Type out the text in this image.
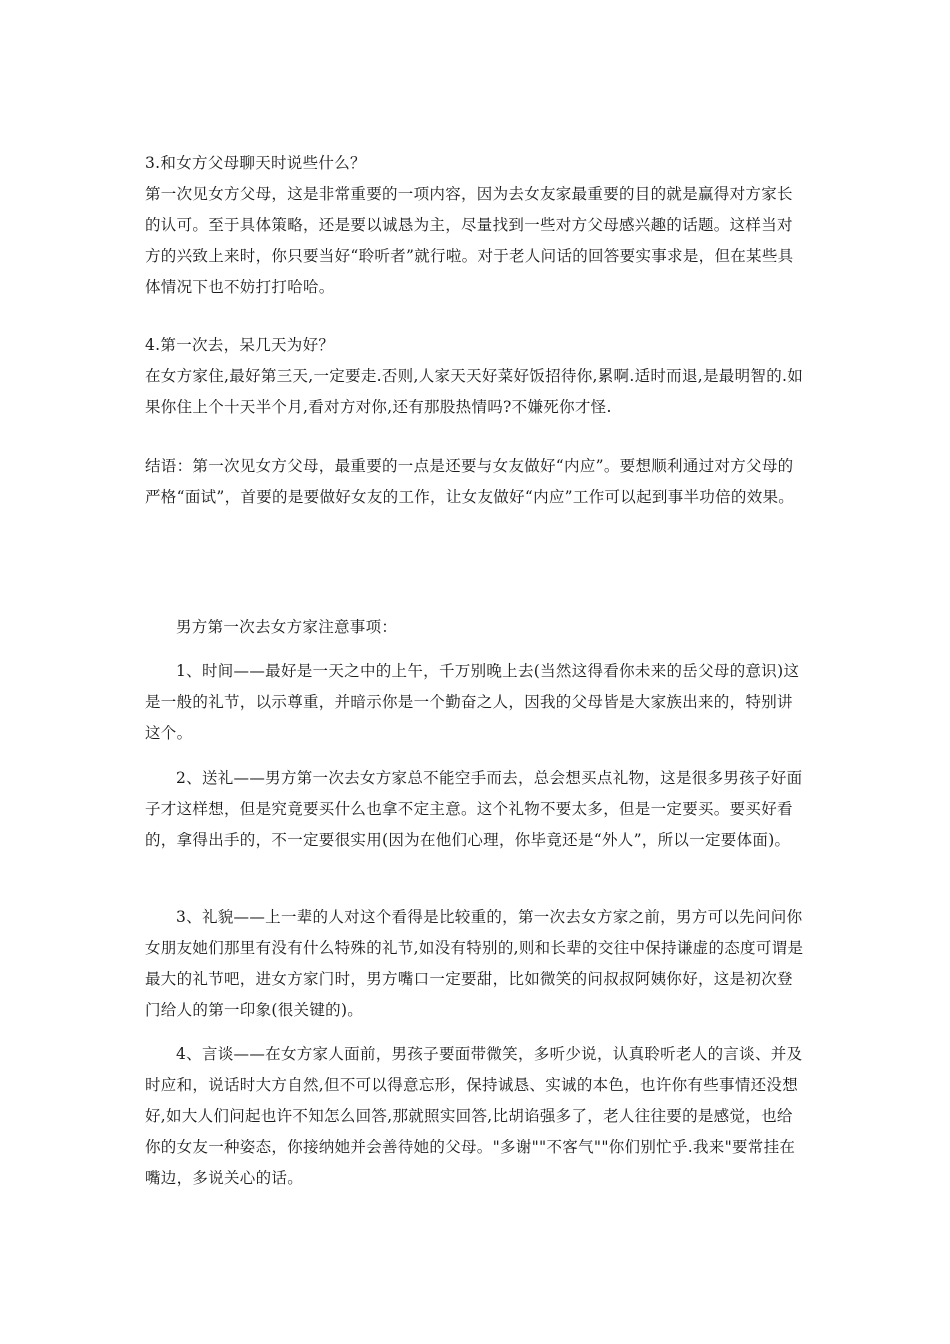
3.和女方父母聊天时说些什么？

第一次见女方父母，这是非常重要的一项内容，因为去女友家最重要的目的就是赢得对方家长的认可。至于具体策略，还是要以诚恳为主，尽量找到一些对方父母感兴趣的话题。这样当对方的兴致上来时，你只要当好“聆听者”就行啦。对于老人问话的回答要实事求是，但在某些具体情况下也不妨打打哈哈。

4.第一次去，呆几天为好？

在女方家住,最好第三天,一定要走.否则,人家天天好菜好饭招待你,累啊.适时而退,是最明智的.如果你住上个十天半个月,看对方对你,还有那股热情吗?不嫌死你才怪.

结语：第一次见女方父母，最重要的一点是还要与女友做好“内应”。要想顺利通过对方父母的严格“面试”，首要的是要做好女友的工作，让女友做好“内应”工作可以起到事半功倍的效果。

男方第一次去女方家注意事项：

1、时间——最好是一天之中的上午，千万别晚上去(当然这得看你未来的岳父母的意识)这是一般的礼节，以示尊重，并暗示你是一个勤奋之人，因我的父母皆是大家族出来的，特别讲这个。

2、送礼——男方第一次去女方家总不能空手而去，总会想买点礼物，这是很多男孩子好面子才这样想，但是究竟要买什么也拿不定主意。这个礼物不要太多，但是一定要买。要买好看的，拿得出手的，不一定要很实用(因为在他们心理，你毕竟还是“外人”，所以一定要体面)。

3、礼貌——上一辈的人对这个看得是比较重的，第一次去女方家之前，男方可以先问问你女朋友她们那里有没有什么特殊的礼节,如没有特别的,则和长辈的交往中保持谦虚的态度可谓是最大的礼节吧，进女方家门时，男方嘴口一定要甜，比如微笑的问叔叔阿姨你好，这是初次登门给人的第一印象(很关键的)。

4、言谈——在女方家人面前，男孩子要面带微笑，多听少说，认真聆听老人的言谈、并及时应和，说话时大方自然,但不可以得意忘形，保持诚恳、实诚的本色，也许你有些事情还没想好,如大人们问起也许不知怎么回答,那就照实回答,比胡谄强多了，老人往往要的是感觉，也给你的女友一种姿态，你接纳她并会善待她的父母。"多谢""不客气""你们别忙乎.我来"要常挂在嘴边，多说关心的话。
